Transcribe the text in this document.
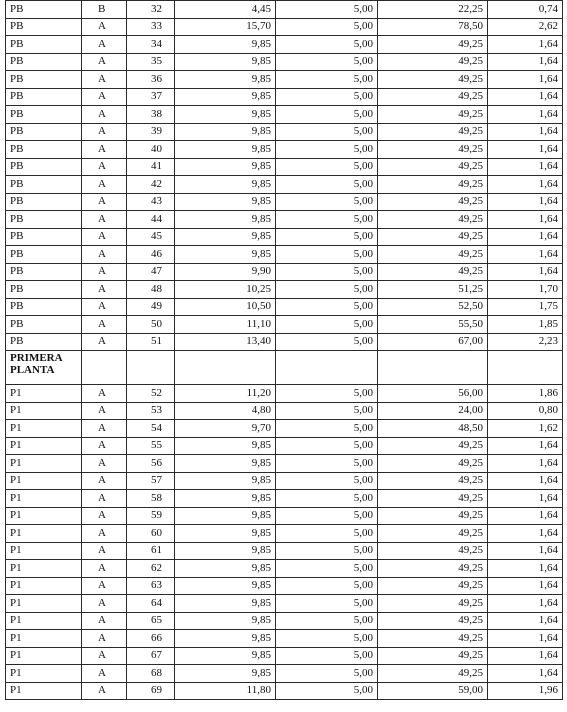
PB	B	32	4,45	5,00	22,25	0,74
PB	A	33	15,70	5,00	78,50	2,62
PB	A	34	9,85	5,00	49,25	1,64
PB	A	35	9,85	5,00	49,25	1,64
PB	A	36	9,85	5,00	49,25	1,64
PB	A	37	9,85	5,00	49,25	1,64
PB	A	38	9,85	5,00	49,25	1,64
PB	A	39	9,85	5,00	49,25	1,64
PB	A	40	9,85	5,00	49,25	1,64
PB	A	41	9,85	5,00	49,25	1,64
PB	A	42	9,85	5,00	49,25	1,64
PB	A	43	9,85	5,00	49,25	1,64
PB	A	44	9,85	5,00	49,25	1,64
PB	A	45	9,85	5,00	49,25	1,64
PB	A	46	9,85	5,00	49,25	1,64
PB	A	47	9,90	5,00	49,25	1,64
PB	A	48	10,25	5,00	51,25	1,70
PB	A	49	10,50	5,00	52,50	1,75
PB	A	50	11,10	5,00	55,50	1,85
PB	A	51	13,40	5,00	67,00	2,23
PRIMERA PLANTA						
P1	A	52	11,20	5,00	56,00	1,86
P1	A	53	4,80	5,00	24,00	0,80
P1	A	54	9,70	5,00	48,50	1,62
P1	A	55	9,85	5,00	49,25	1,64
P1	A	56	9,85	5,00	49,25	1,64
P1	A	57	9,85	5,00	49,25	1,64
P1	A	58	9,85	5,00	49,25	1,64
P1	A	59	9,85	5,00	49,25	1,64
P1	A	60	9,85	5,00	49,25	1,64
P1	A	61	9,85	5,00	49,25	1,64
P1	A	62	9,85	5,00	49,25	1,64
P1	A	63	9,85	5,00	49,25	1,64
P1	A	64	9,85	5,00	49,25	1,64
P1	A	65	9,85	5,00	49,25	1,64
P1	A	66	9,85	5,00	49,25	1,64
P1	A	67	9,85	5,00	49,25	1,64
P1	A	68	9,85	5,00	49,25	1,64
P1	A	69	11,80	5,00	59,00	1,96
